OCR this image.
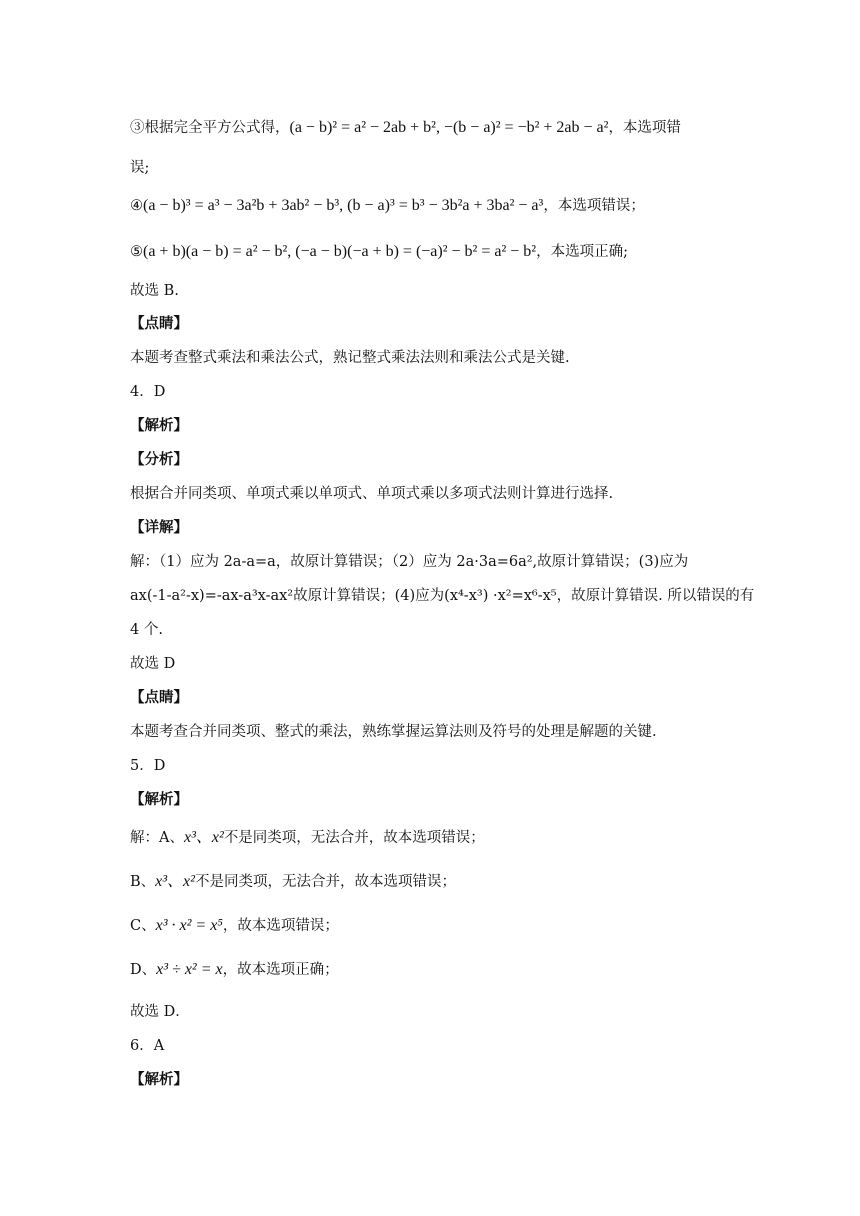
③根据完全平方公式得，(a − b)² = a² − 2ab + b², −(b − a)² = −b² + 2ab − a²，本选项错
误;
④(a − b)³ = a³ − 3a²b + 3ab² − b³, (b − a)³ = b³ − 3b²a + 3ba² − a³，本选项错误；
⑤(a + b)(a − b) = a² − b², (−a − b)(−a + b) = (−a)² − b² = a² − b²，本选项正确;
故选 B.
【点睛】
本题考查整式乘法和乘法公式，熟记整式乘法法则和乘法公式是关键.
4．D
【解析】
【分析】
根据合并同类项、单项式乘以单项式、单项式乘以多项式法则计算进行选择.
【详解】
解：（1）应为 2a-a=a，故原计算错误；（2）应为 2a·3a=6a²,故原计算错误；(3)应为
ax(-1-a²-x)=-ax-a³x-ax²故原计算错误；(4)应为(x⁴-x³) ·x²=x⁶-x⁵，故原计算错误. 所以错误的有
4 个.
故选 D
【点睛】
本题考查合并同类项、整式的乘法，熟练掌握运算法则及符号的处理是解题的关键.
5．D
【解析】
解：A、x³、x²不是同类项，无法合并，故本选项错误；
B、x³、x²不是同类项，无法合并，故本选项错误；
C、x³ · x² = x⁵，故本选项错误；
D、x³ ÷ x² = x，故本选项正确；
故选 D．
6．A
【解析】
